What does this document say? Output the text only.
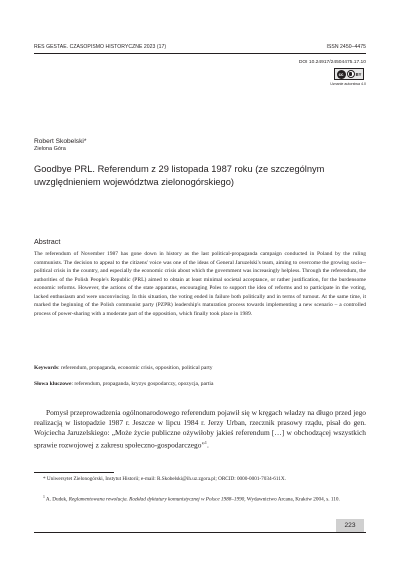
RES GESTAE. CZASOPISMO HISTORYCZNE 2023 (17)	ISSN 2450–4475
DOI 10.24917/24504475.17.10
cc	BY
Uznanie autorstwa 4.0
Robert Skobelski*
Zielona Góra
Goodbye PRL. Referendum z 29 listopada 1987 roku (ze szczególnym uwzględnieniem województwa zielonogórskiego)
Abstract
The referendum of November 1987 has gone down in history as the last political-propaganda campaign conducted in Poland by the ruling communists. The decision to appeal to the citizens' voice was one of the ideas of General Jaruzelski's team, aiming to overcome the growing socio--political crisis in the country, and especially the economic crisis about which the government was increasingly helpless. Through the referendum, the authorities of the Polish People's Republic (PRL) aimed to obtain at least minimal societal acceptance, or rather justification, for the burdensome economic reforms. However, the actions of the state apparatus, encouraging Poles to support the idea of reforms and to participate in the voting, lacked enthusiasm and were unconvincing. In this situation, the voting ended in failure both politically and in terms of turnout. At the same time, it marked the beginning of the Polish communist party (PZPR) leadership's maturation process towards implementing a new scenario – a controlled process of power-sharing with a moderate part of the opposition, which finally took place in 1989.
Keywords: referendum, propaganda, economic crisis, opposition, political party
Słowa kluczowe: referendum, propaganda, kryzys gospodarczy, opozycja, partia
Pomysł przeprowadzenia ogólnonarodowego referendum pojawił się w kręgach władzy na długo przed jego realizacją w listopadzie 1987 r. Jeszcze w lipcu 1984 r. Jerzy Urban, rzecznik prasowy rządu, pisał do gen. Wojciecha Jaruzelskiego: „Może życie publiczne ożywiłoby jakieś referendum […] w obchodzącej wszystkich sprawie rozwojowej z zakresu społeczno-gospodarczego”$^1$.
* Uniwersytet Zielonogórski, Instytut Historii; e-mail: R.Skobelski@ih.uz.zgora.pl; ORCID: 0000-0001-7034-611X.
$^1$ A. Dudek, Reglamentowana rewolucja. Rozkład dyktatury komunistycznej w Polsce 1988–1990, Wydawnictwo Arcana, Kraków 2004, s. 110.
223
